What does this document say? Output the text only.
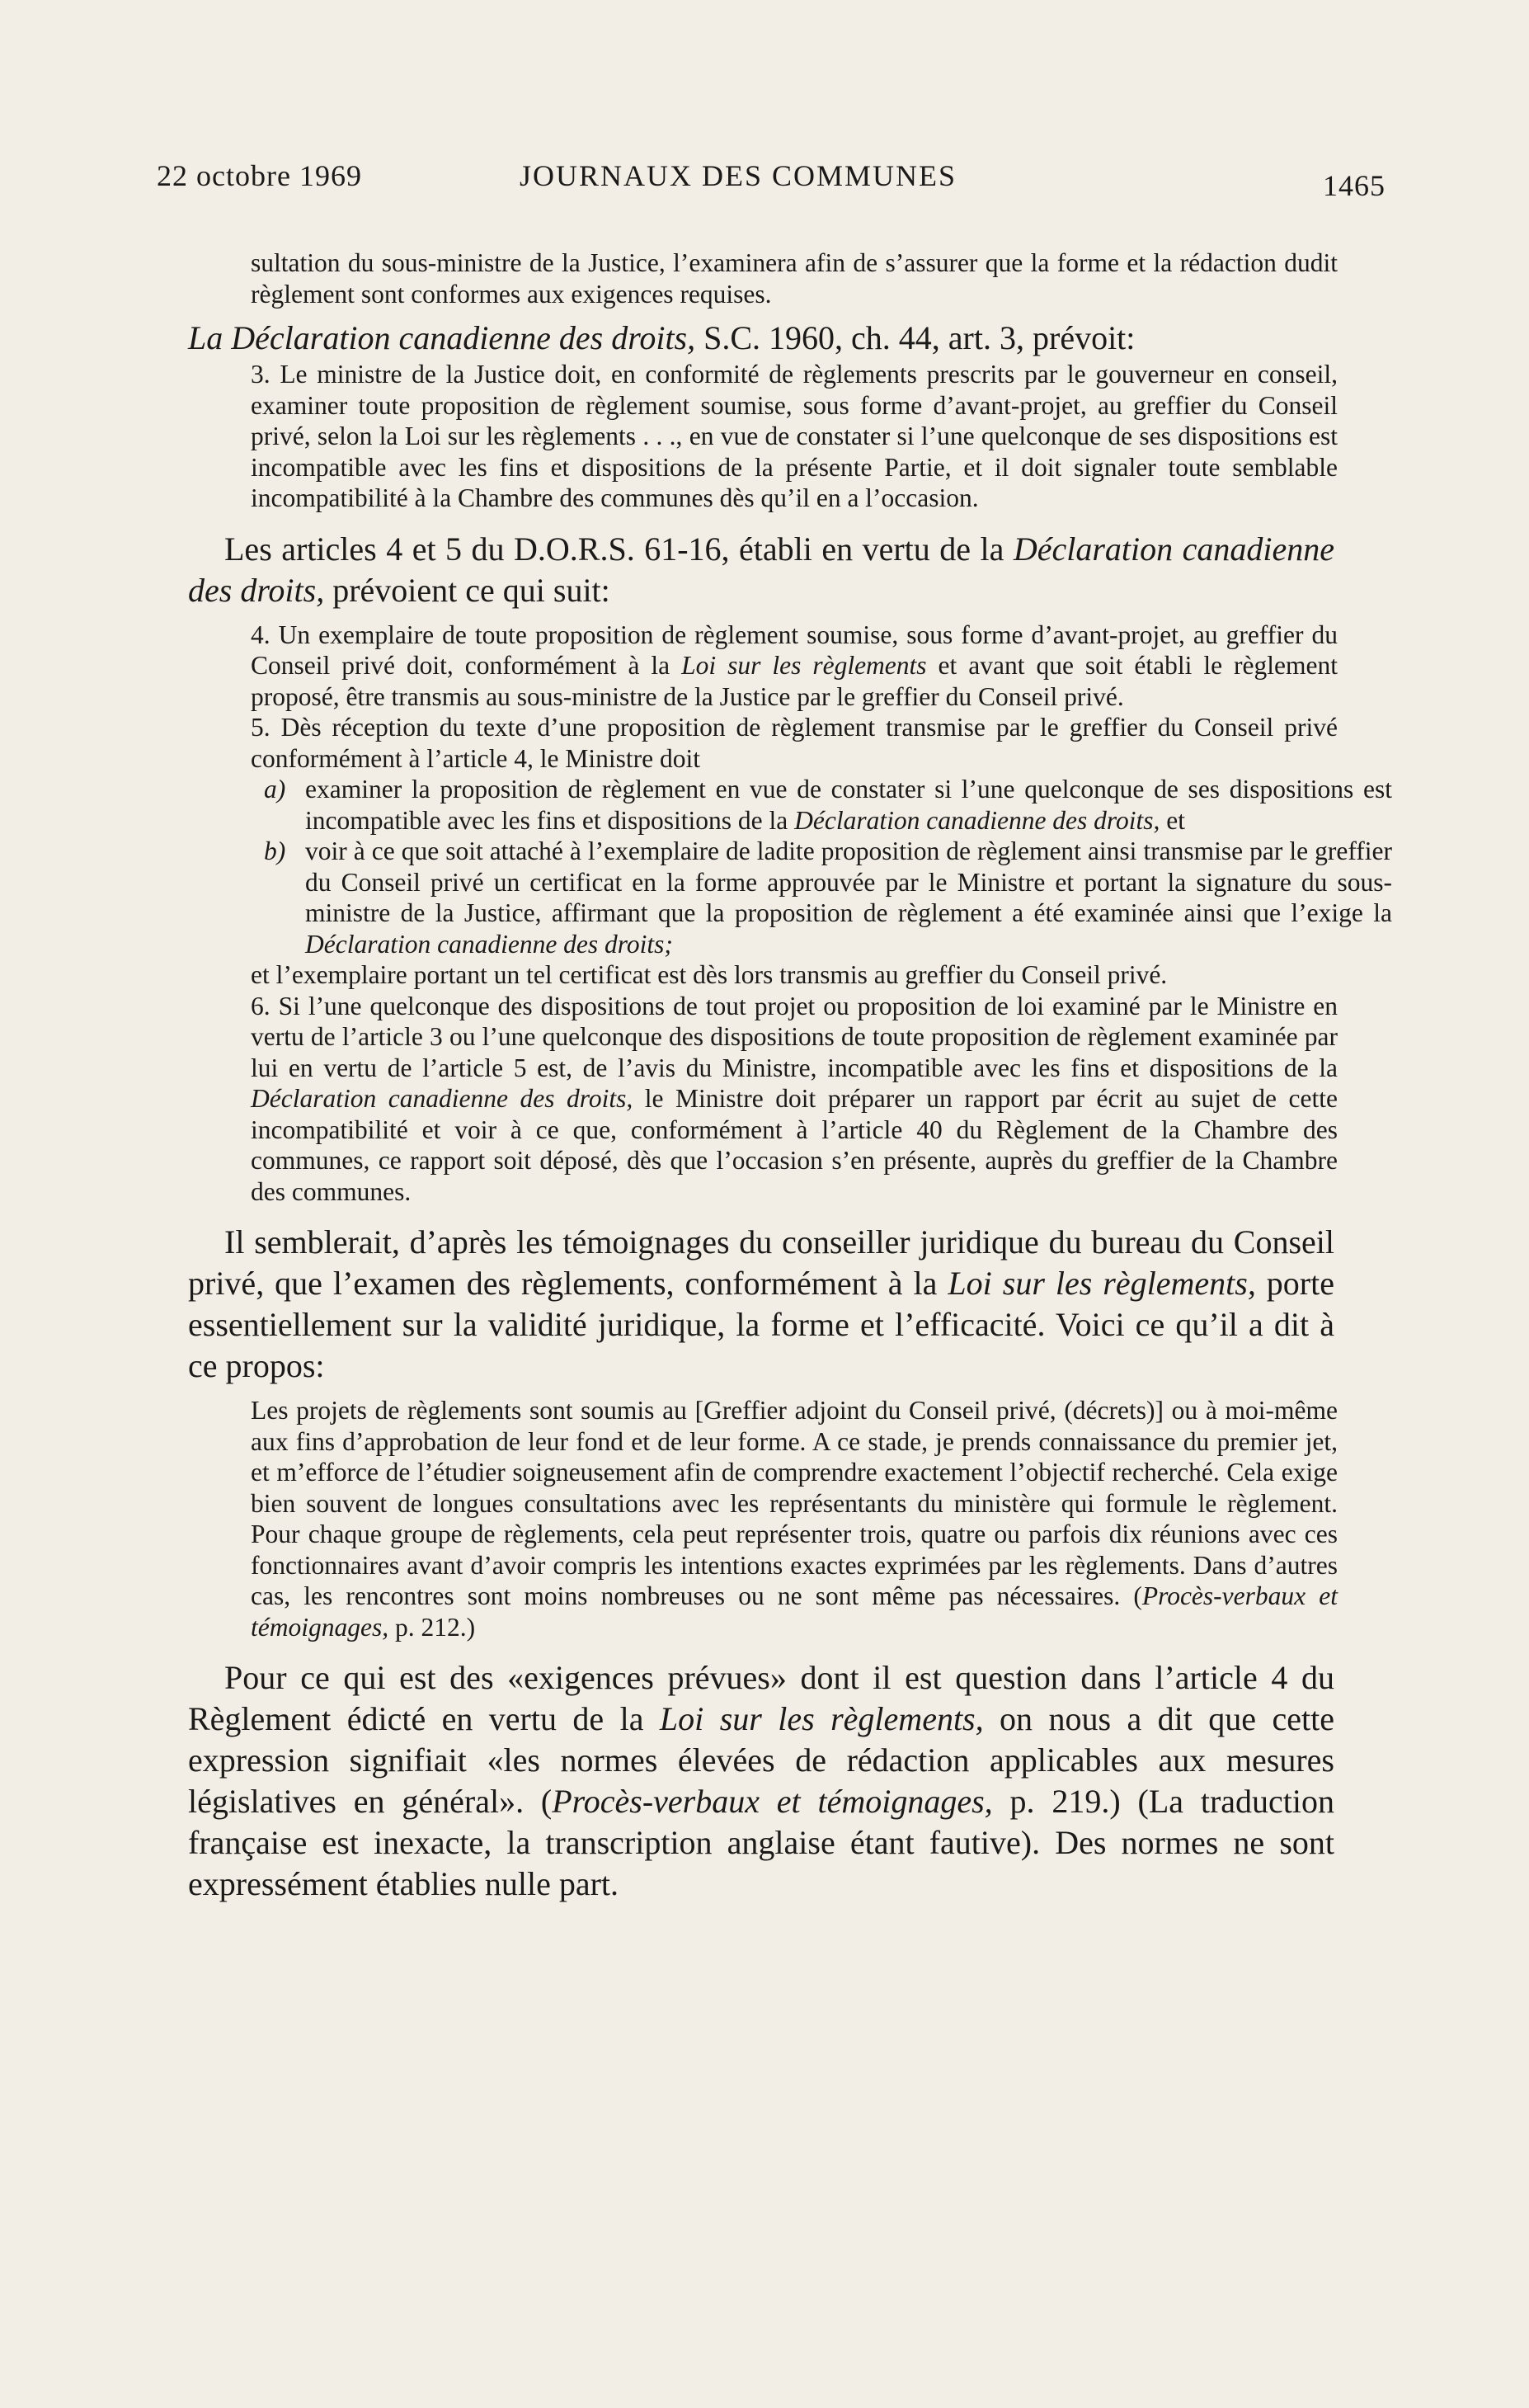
22 octobre 1969	JOURNAUX DES COMMUNES	1465

sultation du sous-ministre de la Justice, l’examinera afin de s’assurer que la forme et la rédaction dudit règlement sont conformes aux exigences requises.

La Déclaration canadienne des droits, S.C. 1960, ch. 44, art. 3, prévoit:

3. Le ministre de la Justice doit, en conformité de règlements prescrits par le gouverneur en conseil, examiner toute proposition de règlement soumise, sous forme d’avant-projet, au greffier du Conseil privé, selon la Loi sur les règlements . . ., en vue de constater si l’une quelconque de ses dispositions est incompatible avec les fins et dispositions de la présente Partie, et il doit signaler toute semblable incompatibilité à la Chambre des communes dès qu’il en a l’occasion.

Les articles 4 et 5 du D.O.R.S. 61-16, établi en vertu de la Déclaration canadienne des droits, prévoient ce qui suit:

4. Un exemplaire de toute proposition de règlement soumise, sous forme d’avant-projet, au greffier du Conseil privé doit, conformément à la Loi sur les règlements et avant que soit établi le règlement proposé, être transmis au sous-ministre de la Justice par le greffier du Conseil privé.

5. Dès réception du texte d’une proposition de règlement transmise par le greffier du Conseil privé conformément à l’article 4, le Ministre doit

a) examiner la proposition de règlement en vue de constater si l’une quelconque de ses dispositions est incompatible avec les fins et dispositions de la Déclaration canadienne des droits, et

b) voir à ce que soit attaché à l’exemplaire de ladite proposition de règlement ainsi transmise par le greffier du Conseil privé un certificat en la forme approuvée par le Ministre et portant la signature du sous-ministre de la Justice, affirmant que la proposition de règlement a été examinée ainsi que l’exige la Déclaration canadienne des droits;

et l’exemplaire portant un tel certificat est dès lors transmis au greffier du Conseil privé.

6. Si l’une quelconque des dispositions de tout projet ou proposition de loi examiné par le Ministre en vertu de l’article 3 ou l’une quelconque des dispositions de toute proposition de règlement examinée par lui en vertu de l’article 5 est, de l’avis du Ministre, incompatible avec les fins et dispositions de la Déclaration canadienne des droits, le Ministre doit préparer un rapport par écrit au sujet de cette incompatibilité et voir à ce que, conformément à l’article 40 du Règlement de la Chambre des communes, ce rapport soit déposé, dès que l’occasion s’en présente, auprès du greffier de la Chambre des communes.

Il semblerait, d’après les témoignages du conseiller juridique du bureau du Conseil privé, que l’examen des règlements, conformément à la Loi sur les règlements, porte essentiellement sur la validité juridique, la forme et l’efficacité. Voici ce qu’il a dit à ce propos:

Les projets de règlements sont soumis au [Greffier adjoint du Conseil privé, (décrets)] ou à moi-même aux fins d’approbation de leur fond et de leur forme. A ce stade, je prends connaissance du premier jet, et m’efforce de l’étudier soigneusement afin de comprendre exactement l’objectif recherché. Cela exige bien souvent de longues consultations avec les représentants du ministère qui formule le règlement. Pour chaque groupe de règlements, cela peut représenter trois, quatre ou parfois dix réunions avec ces fonctionnaires avant d’avoir compris les intentions exactes exprimées par les règlements. Dans d’autres cas, les rencontres sont moins nombreuses ou ne sont même pas nécessaires. (Procès-verbaux et témoignages, p. 212.)

Pour ce qui est des «exigences prévues» dont il est question dans l’article 4 du Règlement édicté en vertu de la Loi sur les règlements, on nous a dit que cette expression signifiait «les normes élevées de rédaction applicables aux mesures législatives en général». (Procès-verbaux et témoignages, p. 219.) (La traduction française est inexacte, la transcription anglaise étant fautive). Des normes ne sont expressément établies nulle part.
